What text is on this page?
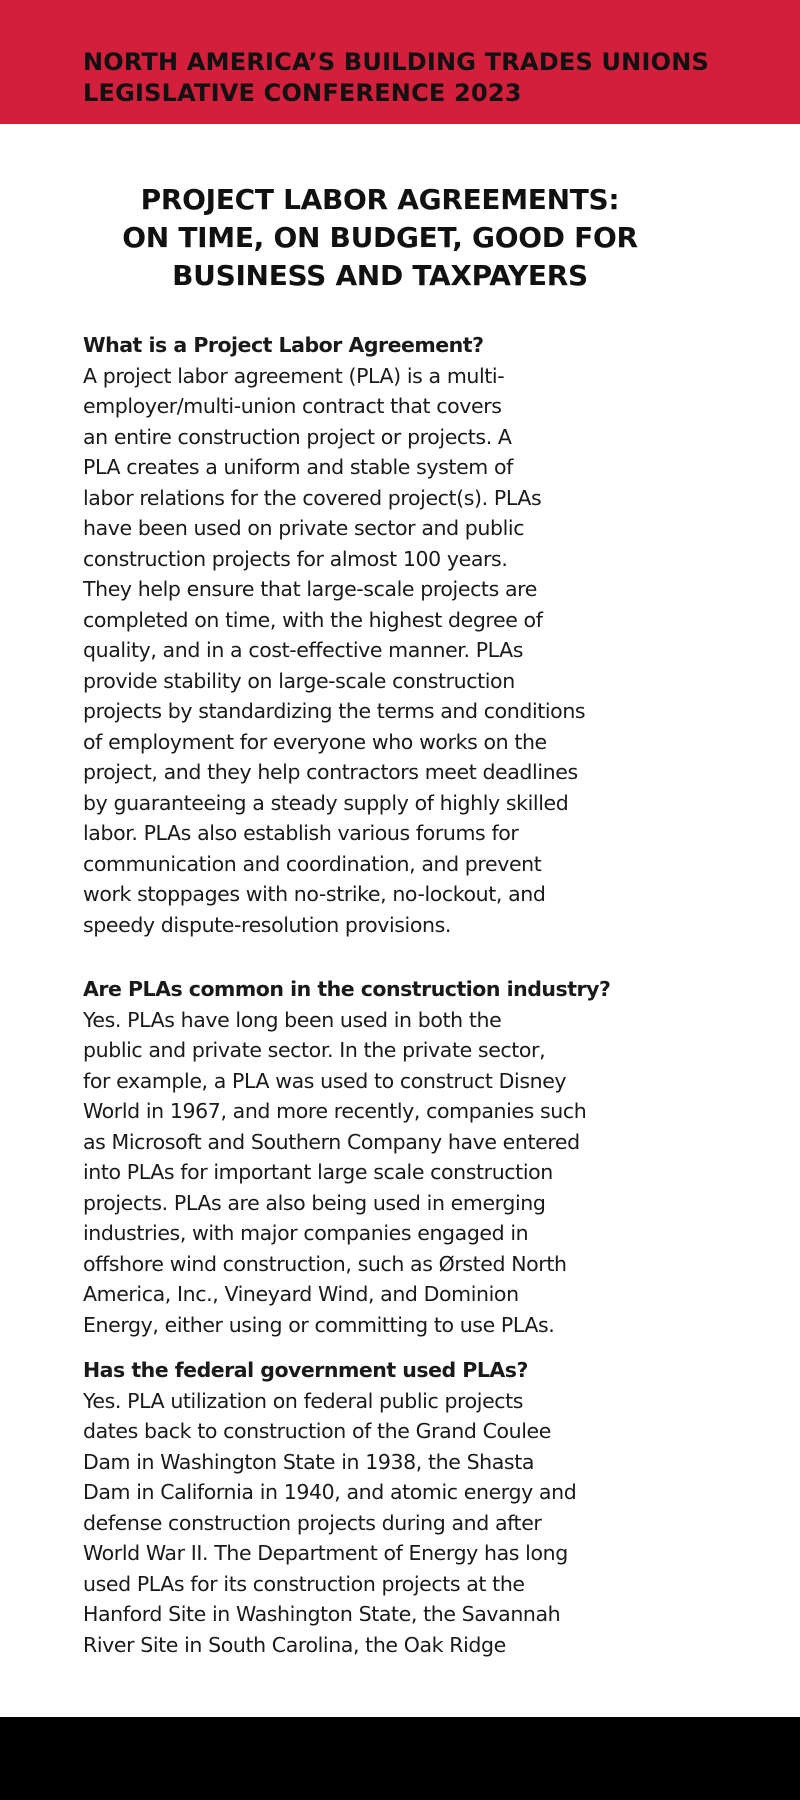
NORTH AMERICA’S BUILDING TRADES UNIONS
LEGISLATIVE CONFERENCE 2023
PROJECT LABOR AGREEMENTS:
ON TIME, ON BUDGET, GOOD FOR
BUSINESS AND TAXPAYERS
What is a Project Labor Agreement?
A project labor agreement (PLA) is a multi-
employer/multi-union contract that covers
an entire construction project or projects. A
PLA creates a uniform and stable system of
labor relations for the covered project(s). PLAs
have been used on private sector and public
construction projects for almost 100 years.
They help ensure that large-scale projects are
completed on time, with the highest degree of
quality, and in a cost-effective manner. PLAs
provide stability on large-scale construction
projects by standardizing the terms and conditions
of employment for everyone who works on the
project, and they help contractors meet deadlines
by guaranteeing a steady supply of highly skilled
labor. PLAs also establish various forums for
communication and coordination, and prevent
work stoppages with no-strike, no-lockout, and
speedy dispute-resolution provisions.
Are PLAs common in the construction industry?
Yes. PLAs have long been used in both the
public and private sector. In the private sector,
for example, a PLA was used to construct Disney
World in 1967, and more recently, companies such
as Microsoft and Southern Company have entered
into PLAs for important large scale construction
projects. PLAs are also being used in emerging
industries, with major companies engaged in
offshore wind construction, such as Ørsted North
America, Inc., Vineyard Wind, and Dominion
Energy, either using or committing to use PLAs.
Has the federal government used PLAs?
Yes. PLA utilization on federal public projects
dates back to construction of the Grand Coulee
Dam in Washington State in 1938, the Shasta
Dam in California in 1940, and atomic energy and
defense construction projects during and after
World War II. The Department of Energy has long
used PLAs for its construction projects at the
Hanford Site in Washington State, the Savannah
River Site in South Carolina, the Oak Ridge
